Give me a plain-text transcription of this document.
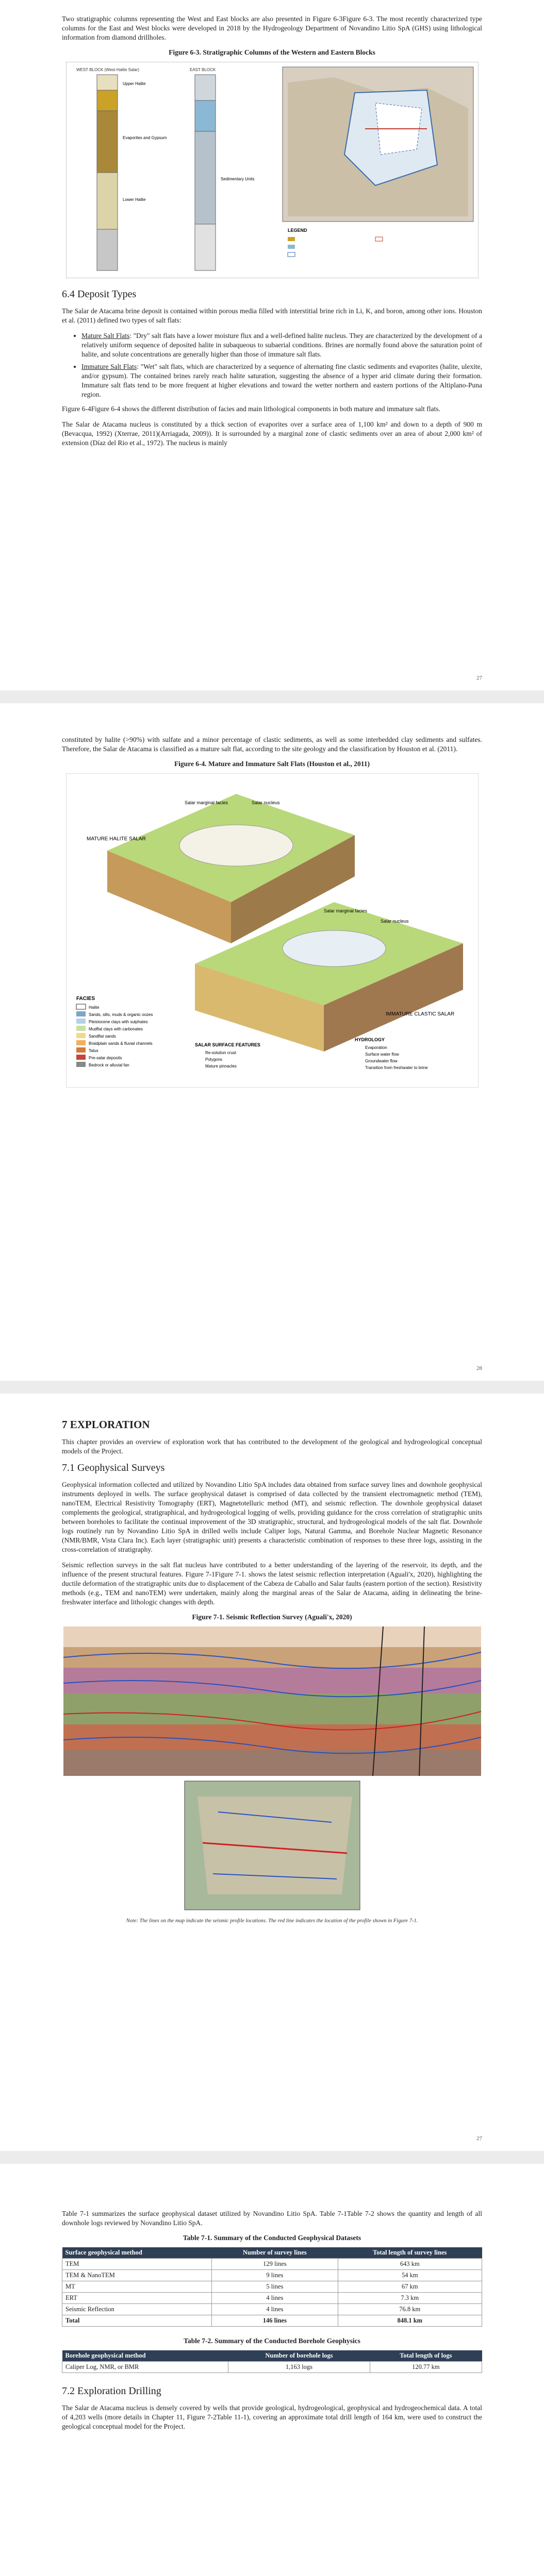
Two stratigraphic columns representing the West and East blocks are also presented in Figure 6-3Figure 6-3. The most recently characterized type columns for the East and West blocks were developed in 2018 by the Hydrogeology Department of Novandino Litio SpA (GHS) using lithological information from diamond drillholes.

Figure 6-3. Stratigraphic Columns of the Western and Eastern Blocks
WEST BLOCK (West-Halite Salar)
Upper Halite
Evaporites and Gypsum
Lower Halite
EAST BLOCK
Sedimentary Units
LEGEND
6.4 Deposit Types

The Salar de Atacama brine deposit is contained within porous media filled with interstitial brine rich in Li, K, and boron, among other ions. Houston et al. (2011) defined two types of salt flats:

• Mature Salt Flats: "Dry" salt flats have a lower moisture flux and a well-defined halite nucleus. They are characterized by the development of a relatively uniform sequence of deposited halite in subaqueous to subaerial conditions. Brines are normally found above the saturation point of halite, and solute concentrations are generally higher than those of immature salt flats.
• Immature Salt Flats: "Wet" salt flats, which are characterized by a sequence of alternating fine clastic sediments and evaporites (halite, ulexite, and/or gypsum). The contained brines rarely reach halite saturation, suggesting the absence of a hyper arid climate during their formation. Immature salt flats tend to be more frequent at higher elevations and toward the wetter northern and eastern portions of the Altiplano-Puna region.

Figure 6-4Figure 6-4 shows the different distribution of facies and main lithological components in both mature and immature salt flats.

The Salar de Atacama nucleus is constituted by a thick section of evaporites over a surface area of 1,100 km² and down to a depth of 900 m (Bevacqua, 1992) (Xterrae, 2011)(Arriagada, 2009)). It is surrounded by a marginal zone of clastic sediments over an area of about 2,000 km² of extension (Díaz del Rio et al., 1972). The nucleus is mainly

27

constituted by halite (>90%) with sulfate and a minor percentage of clastic sediments, as well as some interbedded clay sediments and sulfates. Therefore, the Salar de Atacama is classified as a mature salt flat, according to the site geology and the classification by Houston et al. (2011).

Figure 6-4. Mature and Immature Salt Flats (Houston et al., 2011)
MATURE HALITE SALAR
Salar nucleus
Salar marginal facies
IMMATURE CLASTIC SALAR
Salar nucleus
Salar marginal facies
FACIES
Halite
Sands, silts, muds & organic oozes
Pleistocene clays with sulphates
Mudflat clays with carbonates
Sandflat sands
Braidplain sands & fluvial channels
Talus
Pre-salar deposits
Bedrock or alluvial fan
SALAR SURFACE FEATURES
Re-solution crust
Polygons
Mature pinnacles
HYDROLOGY
Evaporation
Surface water flow
Groundwater flow
Transition from freshwater to brine
28
7 EXPLORATION

This chapter provides an overview of exploration work that has contributed to the development of the geological and hydrogeological conceptual models of the Project.

7.1 Geophysical Surveys

Geophysical information collected and utilized by Novandino Litio SpA includes data obtained from surface survey lines and downhole geophysical instruments deployed in wells. The surface geophysical dataset is comprised of data collected by the transient electromagnetic method (TEM), nanoTEM, Electrical Resistivity Tomography (ERT), Magnetotelluric method (MT), and seismic reflection. The downhole geophysical dataset complements the geological, stratigraphical, and hydrogeological logging of wells, providing guidance for the cross correlation of stratigraphic units between boreholes to facilitate the continual improvement of the 3D stratigraphic, structural, and hydrogeological models of the salt flat. Downhole logs routinely run by Novandino Litio SpA in drilled wells include Caliper logs, Natural Gamma, and Borehole Nuclear Magnetic Resonance (NMR/BMR, Vista Clara Inc). Each layer (stratigraphic unit) presents a characteristic combination of responses to these three logs, assisting in the cross-correlation of stratigraphy.

Seismic reflection surveys in the salt flat nucleus have contributed to a better understanding of the layering of the reservoir, its depth, and the influence of the present structural features. Figure 7-1Figure 7-1. shows the latest seismic reflection interpretation (Aguali'x, 2020), highlighting the ductile deformation of the stratigraphic units due to displacement of the Cabeza de Caballo and Salar faults (eastern portion of the section). Resistivity methods (e.g., TEM and nanoTEM) were undertaken, mainly along the marginal areas of the Salar de Atacama, aiding in delineating the brine-freshwater interface and lithologic changes with depth.

Figure 7-1. Seismic Reflection Survey (Aguali'x, 2020)
Note: The lines on the map indicate the seismic profile locations. The red line indicates the location of the profile shown in Figure 7-1.
27

Table 7-1 summarizes the surface geophysical dataset utilized by Novandino Litio SpA. Table 7-1Table 7-2 shows the quantity and length of all downhole logs reviewed by Novandino Litio SpA.

Table 7-1. Summary of the Conducted Geophysical Datasets
Surface geophysical method	Number of survey lines	Total length of survey lines
TEM	129 lines	643 km
TEM & NanoTEM	9 lines	54 km
MT	5 lines	67 km
ERT	4 lines	7.3 km
Seismic Reflection	4 lines	76.8 km
Total	146 lines	848.1 km
Table 7-2. Summary of the Conducted Borehole Geophysics
Borehole geophysical method	Number of borehole logs	Total length of logs
Caliper Log, NMR, or BMR	1,163 logs	120.77 km
7.2 Exploration Drilling

The Salar de Atacama nucleus is densely covered by wells that provide geological, hydrogeological, geophysical and hydrogeochemical data. A total of 4,203 wells (more details in Chapter 11, Figure 7-2Table 11-1), covering an approximate total drill length of 164 km, were used to construct the geological conceptual model for the Project.
